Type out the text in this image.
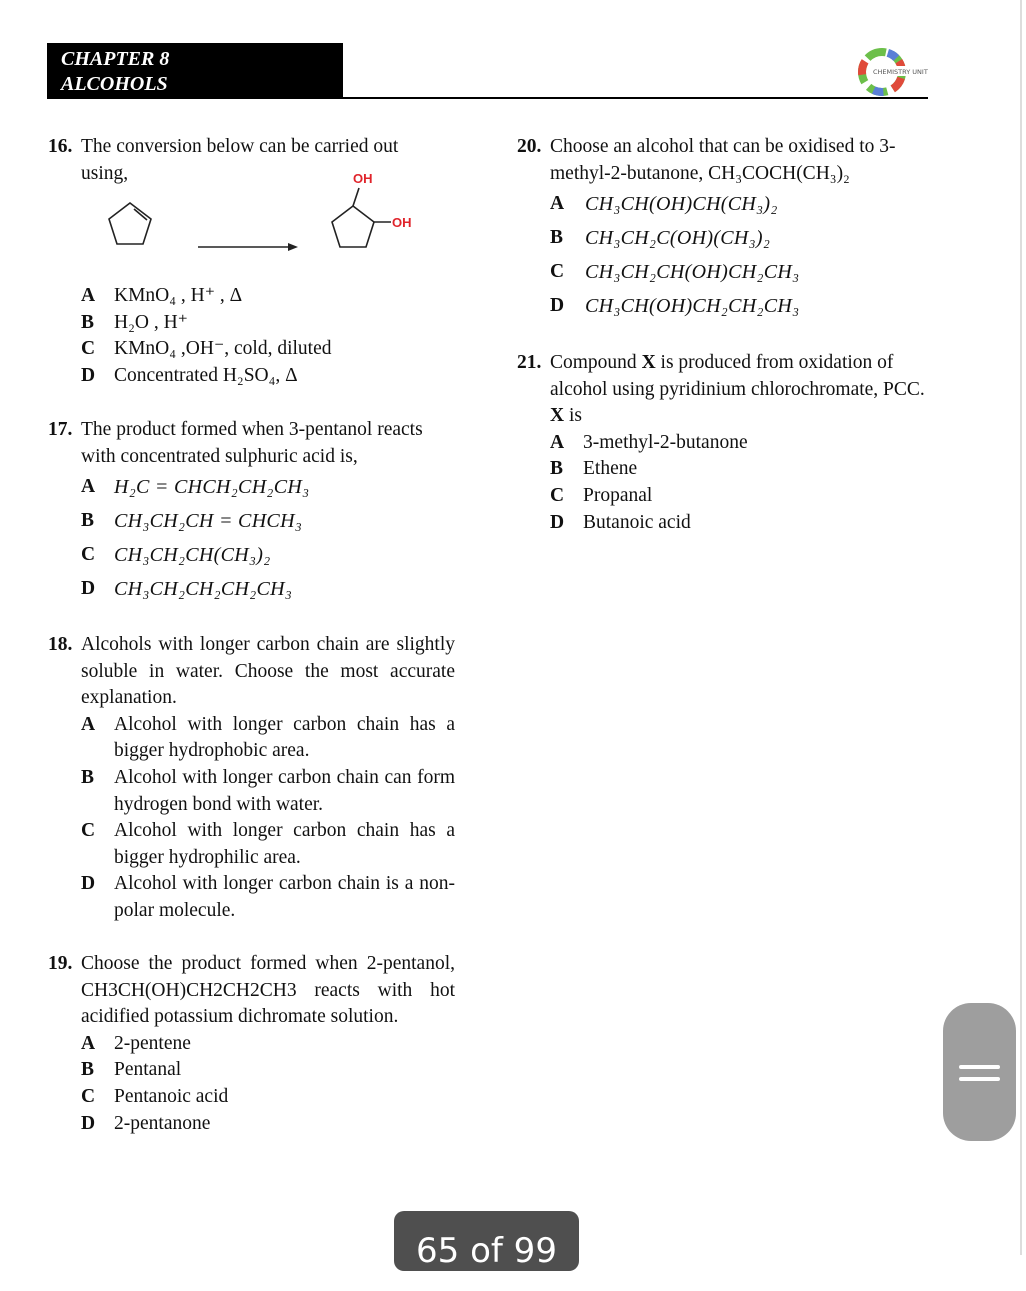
CHAPTER 8
ALCOHOLS
CHEMISTRY UNIT
16. The conversion below can be carried out using,	OH
OH
A KMnO₄ , H⁺ , Δ
B	H₂O , H⁺
C KMnO₄ ,OH⁻, cold, diluted
D Concentrated H₂SO₄, Δ
17. The product formed when 3-pentanol reacts with concentrated sulphuric acid is,
A H₂C = CHCH₂CH₂CH₃
B CH₃CH₂CH = CHCH₃
C CH₃CH₂CH(CH₃)₂
D CH₃CH₂CH₂CH₂CH₃
18. Alcohols with longer carbon chain are slightly soluble in water. Choose the most accurate explanation.
A Alcohol with longer carbon chain has a bigger hydrophobic area.
B	Alcohol with longer carbon chain can form hydrogen bond with water.
C Alcohol with longer carbon chain has a bigger hydrophilic area.
D Alcohol with longer carbon chain is a non-polar molecule.
19. Choose the product formed when 2-pentanol, CH3CH(OH)CH2CH2CH3 reacts with hot acidified potassium dichromate solution.
A 2-pentene
B	Pentanal
C Pentanoic acid
D 2-pentanone
20. Choose an alcohol that can be oxidised to 3-methyl-2-butanone, CH₃COCH(CH₃)₂
A	CH₃CH(OH)CH(CH₃)₂
B	CH₃CH₂C(OH)(CH₃)₂
C	CH₃CH₂CH(OH)CH₂CH₃
D	CH₃CH(OH)CH₂CH₂CH₃
21. Compound X is produced from oxidation of alcohol using pyridinium chlorochromate, PCC. X is
A 3-methyl-2-butanone
B	Ethene
C Propanal
D Butanoic acid
65 of 99
